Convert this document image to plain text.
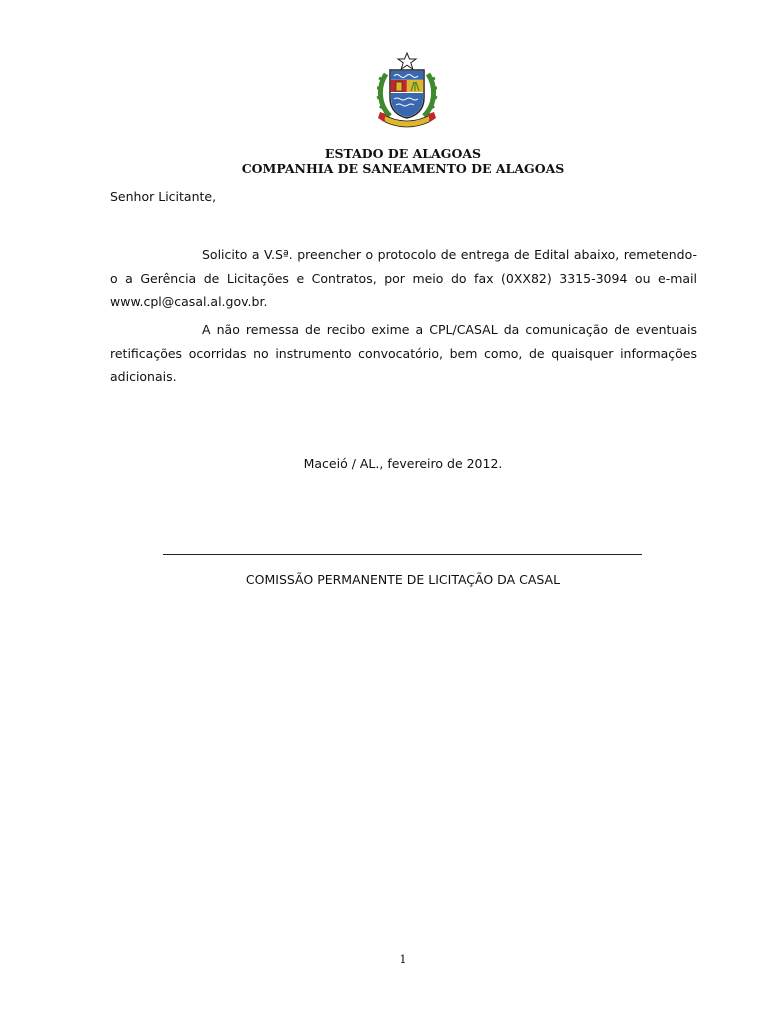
ESTADO DE ALAGOAS
COMPANHIA DE SANEAMENTO DE ALAGOAS
Senhor Licitante,

Solicito a V.Sª. preencher o protocolo de entrega de Edital abaixo, remetendo-o a Gerência de Licitações e Contratos, por meio do fax (0XX82) 3315-3094 ou e-mail www.cpl@casal.al.gov.br.

A não remessa de recibo exime a CPL/CASAL da comunicação de eventuais retificações ocorridas no instrumento convocatório, bem como, de quaisquer informações adicionais.

Maceió / AL., fevereiro de 2012.
COMISSÃO PERMANENTE DE LICITAÇÃO DA CASAL
1
